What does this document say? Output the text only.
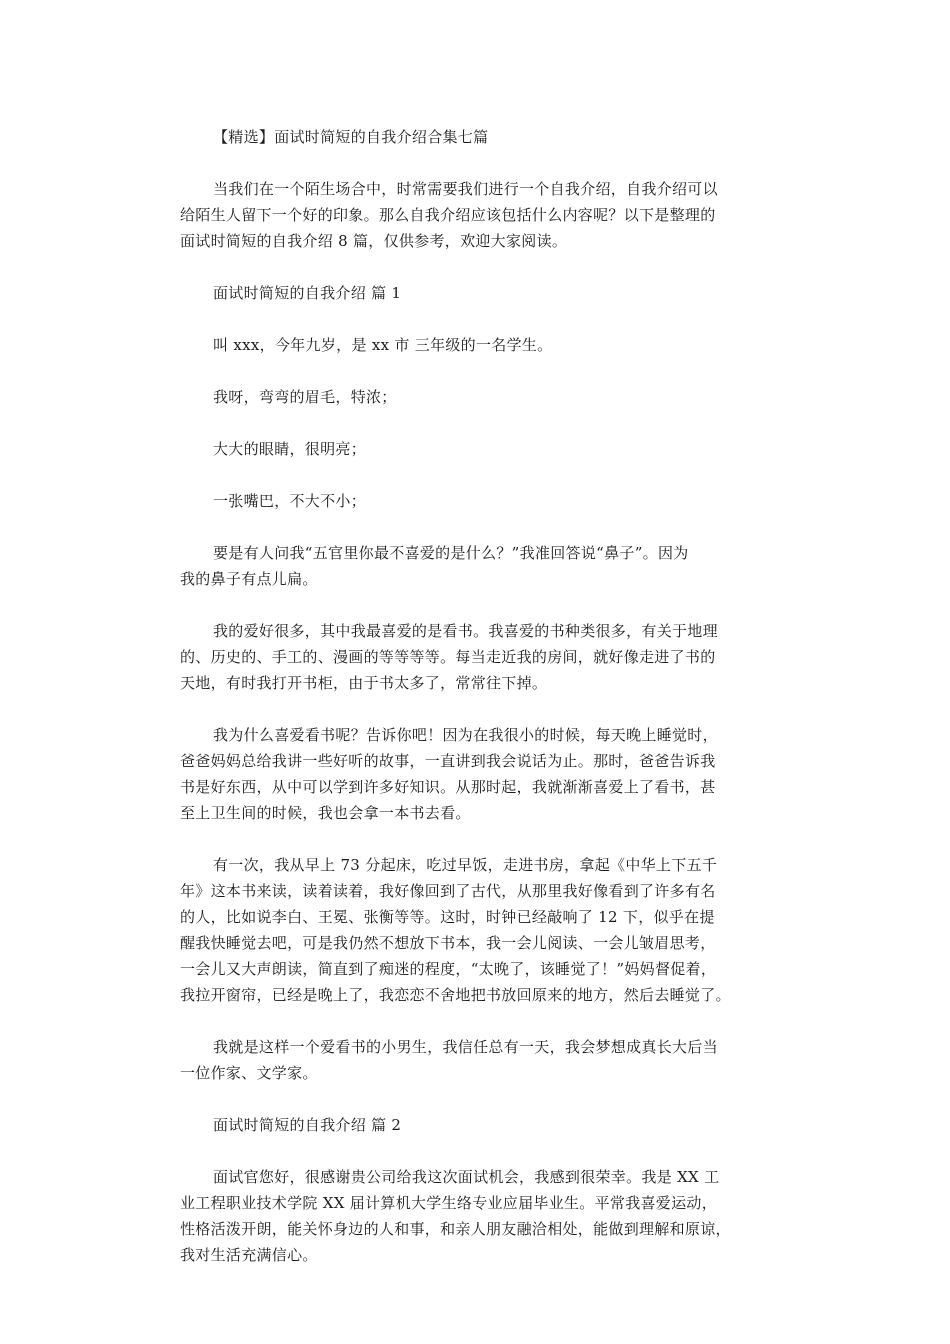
【精选】面试时简短的自我介绍合集七篇
当我们在一个陌生场合中，时常需要我们进行一个自我介绍，自我介绍可以
给陌生人留下一个好的印象。那么自我介绍应该包括什么内容呢？以下是整理的
面试时简短的自我介绍 8 篇，仅供参考，欢迎大家阅读。
面试时简短的自我介绍 篇 1
叫 xxx，今年九岁，是 xx 市 三年级的一名学生。
我呀，弯弯的眉毛，特浓；
大大的眼睛，很明亮；
一张嘴巴，不大不小；
要是有人问我“五官里你最不喜爱的是什么？”我准回答说“鼻子”。因为
我的鼻子有点儿扁。
我的爱好很多，其中我最喜爱的是看书。我喜爱的书种类很多，有关于地理
的、历史的、手工的、漫画的等等等等。每当走近我的房间，就好像走进了书的
天地，有时我打开书柜，由于书太多了，常常往下掉。
我为什么喜爱看书呢？告诉你吧！因为在我很小的时候，每天晚上睡觉时，
爸爸妈妈总给我讲一些好听的故事，一直讲到我会说话为止。那时，爸爸告诉我
书是好东西，从中可以学到许多好知识。从那时起，我就渐渐喜爱上了看书，甚
至上卫生间的时候，我也会拿一本书去看。
有一次，我从早上 73 分起床，吃过早饭，走进书房，拿起《中华上下五千
年》这本书来读，读着读着，我好像回到了古代，从那里我好像看到了许多有名
的人，比如说李白、王冕、张衡等等。这时，时钟已经敲响了 12 下，似乎在提
醒我快睡觉去吧，可是我仍然不想放下书本，我一会儿阅读、一会儿皱眉思考，
一会儿又大声朗读，简直到了痴迷的程度，“太晚了，该睡觉了！”妈妈督促着，
我拉开窗帘，已经是晚上了，我恋恋不舍地把书放回原来的地方，然后去睡觉了。
我就是这样一个爱看书的小男生，我信任总有一天，我会梦想成真长大后当
一位作家、文学家。
面试时简短的自我介绍 篇 2
面试官您好，很感谢贵公司给我这次面试机会，我感到很荣幸。我是 XX 工
业工程职业技术学院 XX 届计算机大学生络专业应届毕业生。平常我喜爱运动，
性格活泼开朗，能关怀身边的人和事，和亲人朋友融洽相处，能做到理解和原谅，
我对生活充满信心。
